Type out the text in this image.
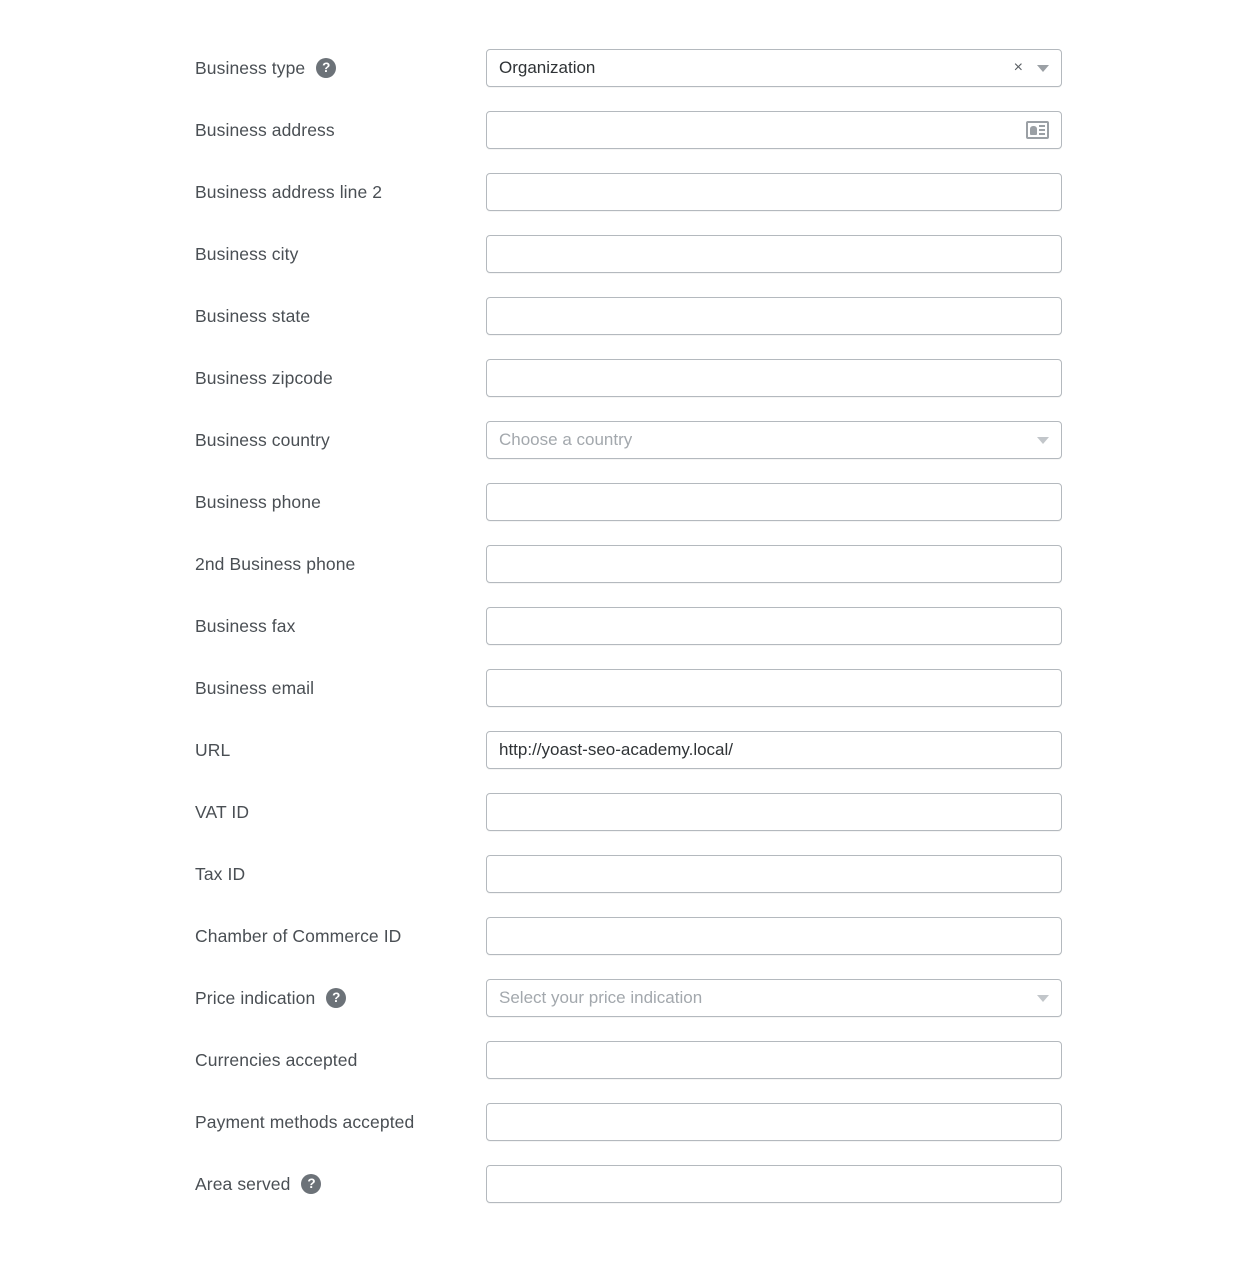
Business type ?	Organization	×
Business address
Business address line 2
Business city
Business state
Business zipcode
Business country	Choose a country
Business phone
2nd Business phone
Business fax
Business email
URL	http://yoast-seo-academy.local/
VAT ID
Tax ID
Chamber of Commerce ID
Price indication ?	Select your price indication
Currencies accepted
Payment methods accepted
Area served ?
